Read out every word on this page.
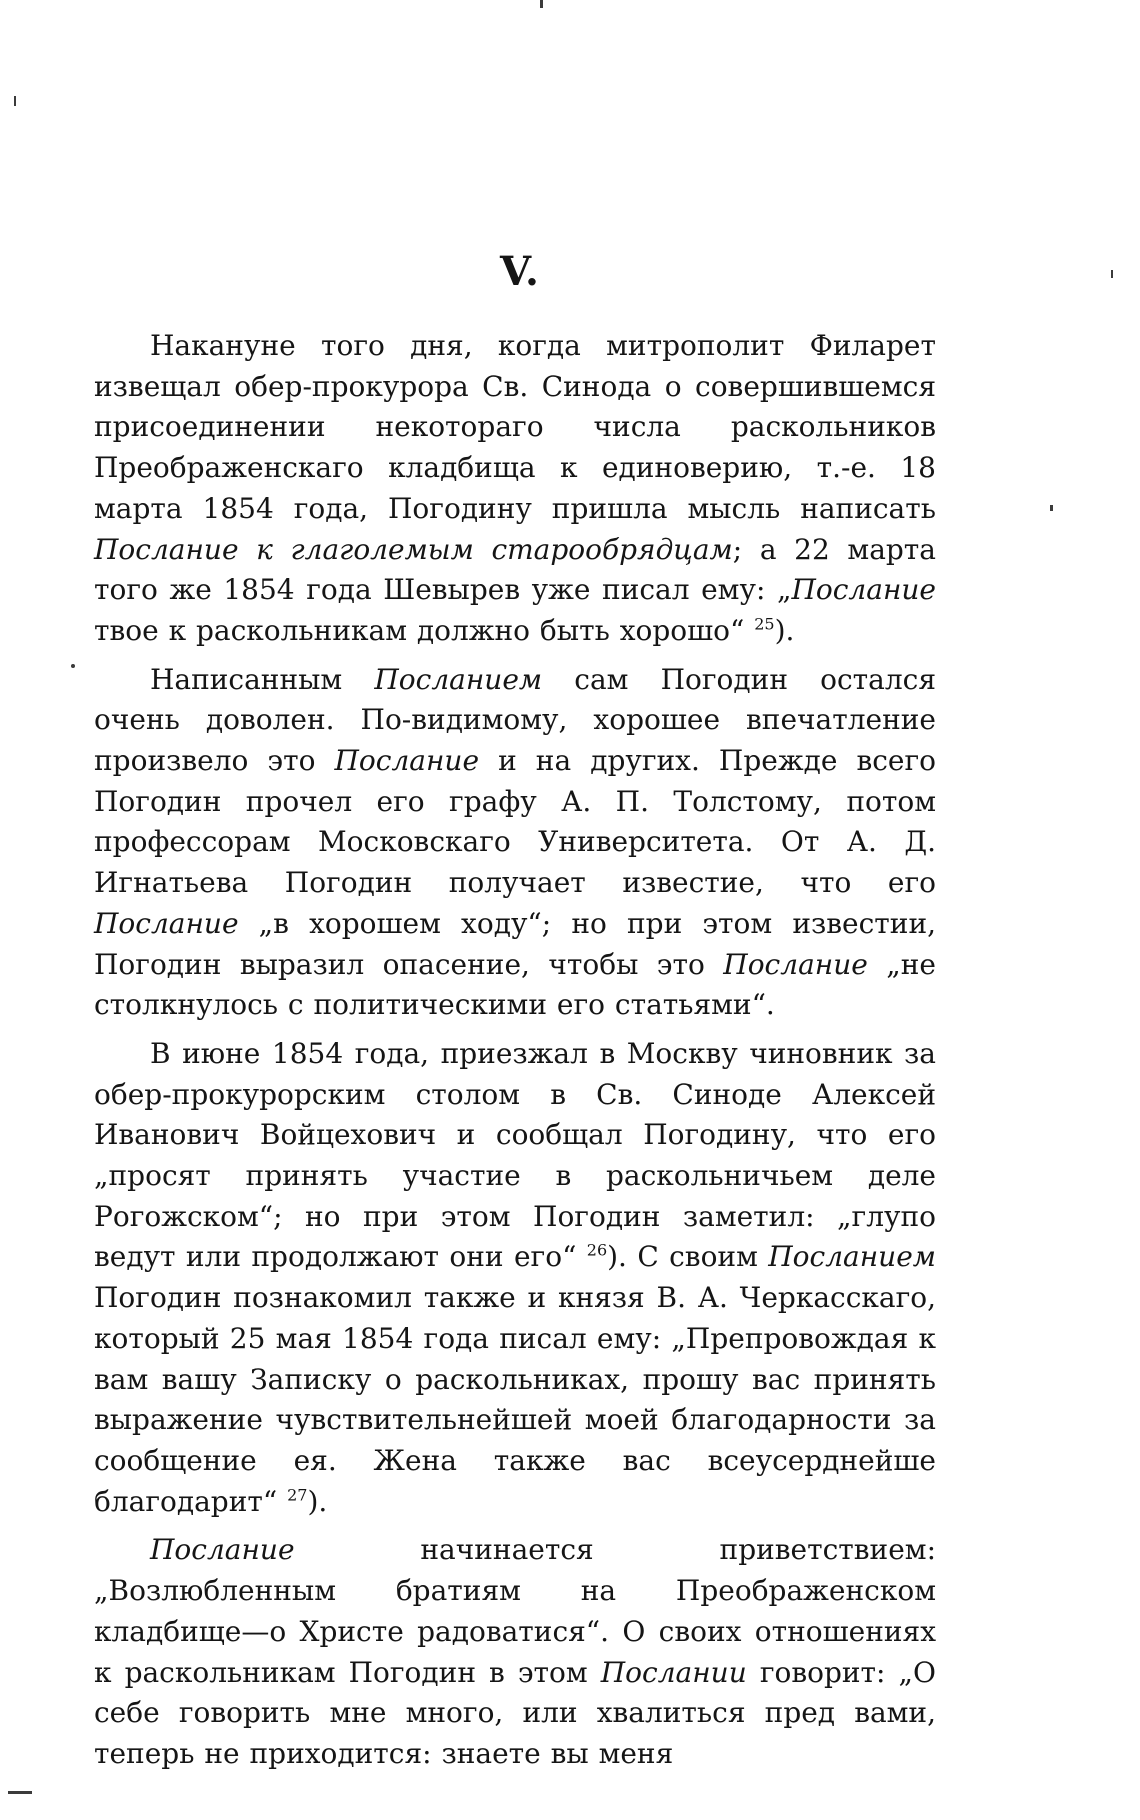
V.

Накануне того дня, когда митрополит Филарет извещал обер-прокурора Св. Синода о совершившемся присоединении некотораго числа раскольников Преображенскаго кладбища к единоверию, т.-е. 18 марта 1854 года, Погодину пришла мысль написать Послание к глаголемым старообрядцам; а 22 марта того же 1854 года Шевырев уже писал ему: „Послание твое к раскольникам должно быть хорошо“ $^{25}$).

Написанным Посланием сам Погодин остался очень доволен. По-видимому, хорошее впечатление произвело это Послание и на других. Прежде всего Погодин прочел его графу А. П. Толстому, потом профессорам Московскаго Университета. От А. Д. Игнатьева Погодин получает известие, что его Послание „в хорошем ходу“; но при этом известии, Погодин выразил опасение, чтобы это Послание „не столкнулось с политическими его статьями“.

В июне 1854 года, приезжал в Москву чиновник за обер-прокурорским столом в Св. Синоде Алексей Иванович Войцехович и сообщал Погодину, что его „просят принять участие в раскольничьем деле Рогожском“; но при этом Погодин заметил: „глупо ведут или продолжают они его“ $^{26}$). С своим Посланием Погодин познакомил также и князя В. А. Черкасскаго, который 25 мая 1854 года писал ему: „Препровождая к вам вашу Записку о раскольниках, прошу вас принять выражение чувствительнейшей моей благодарности за сообщение ея. Жена также вас всеусерднейше благодарит“ $^{27}$).

Послание начинается приветствием: „Возлюбленным братиям на Преображенском кладбище—о Христе радоватися“. О своих отношениях к раскольникам Погодин в этом Послании говорит: „О себе говорить мне много, или хвалиться пред вами, теперь не приходится: знаете вы меня
